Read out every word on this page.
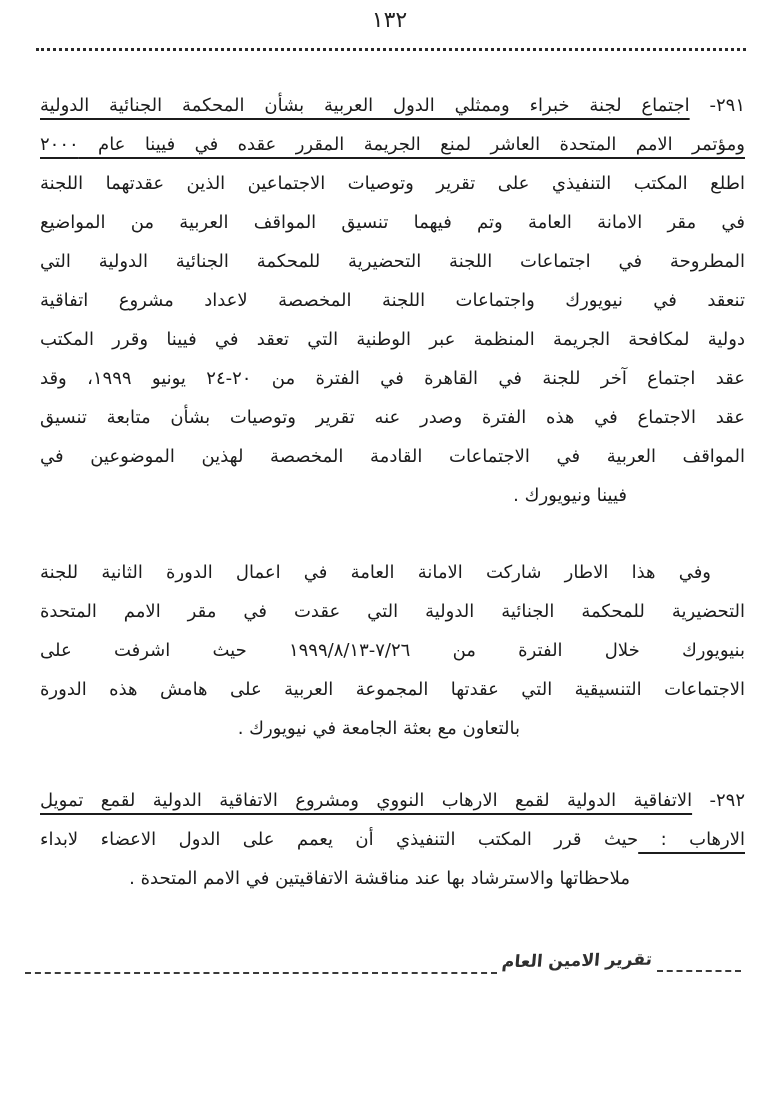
١٣٢
٢٩١- اجتماع لجنة خبراء وممثلي الدول العربية بشأن المحكمة الجنائية الدولية
ومؤتمر الامم المتحدة العاشر لمنع الجريمة المقرر عقده في فيينا عام ٢٠٠٠
اطلع المكتب التنفيذي على تقرير وتوصيات الاجتماعين الذين عقدتهما اللجنة
في مقر الامانة العامة وتم فيهما تنسيق المواقف العربية من المواضيع
المطروحة في اجتماعات اللجنة التحضيرية للمحكمة الجنائية الدولية التي
تنعقد في نيويورك واجتماعات اللجنة المخصصة لاعداد مشروع اتفاقية
دولية لمكافحة الجريمة المنظمة عبر الوطنية التي تعقد في فيينا وقرر المكتب
عقد اجتماع آخر للجنة في القاهرة في الفترة من ٢٠-٢٤ يونيو ١٩٩٩، وقد
عقد الاجتماع في هذه الفترة وصدر عنه تقرير وتوصيات بشأن متابعة تنسيق
المواقف العربية في الاجتماعات القادمة المخصصة لهذين الموضوعين في
فيينا ونيويورك .
وفي هذا الاطار شاركت الامانة العامة في اعمال الدورة الثانية للجنة
التحضيرية للمحكمة الجنائية الدولية التي عقدت في مقر الامم المتحدة
بنيويورك خلال الفترة من ٧/٢٦-١٩٩٩/٨/١٣ حيث اشرفت على
الاجتماعات التنسيقية التي عقدتها المجموعة العربية على هامش هذه الدورة
بالتعاون مع بعثة الجامعة في نيويورك .
٢٩٢- الاتفاقية الدولية لقمع الارهاب النووي ومشروع الاتفاقية الدولية لقمع تمويل
الارهاب : حيث قرر المكتب التنفيذي أن يعمم على الدول الاعضاء لابداء
ملاحظاتها والاسترشاد بها عند مناقشة الاتفاقيتين في الامم المتحدة .
تقرير الامين العام
